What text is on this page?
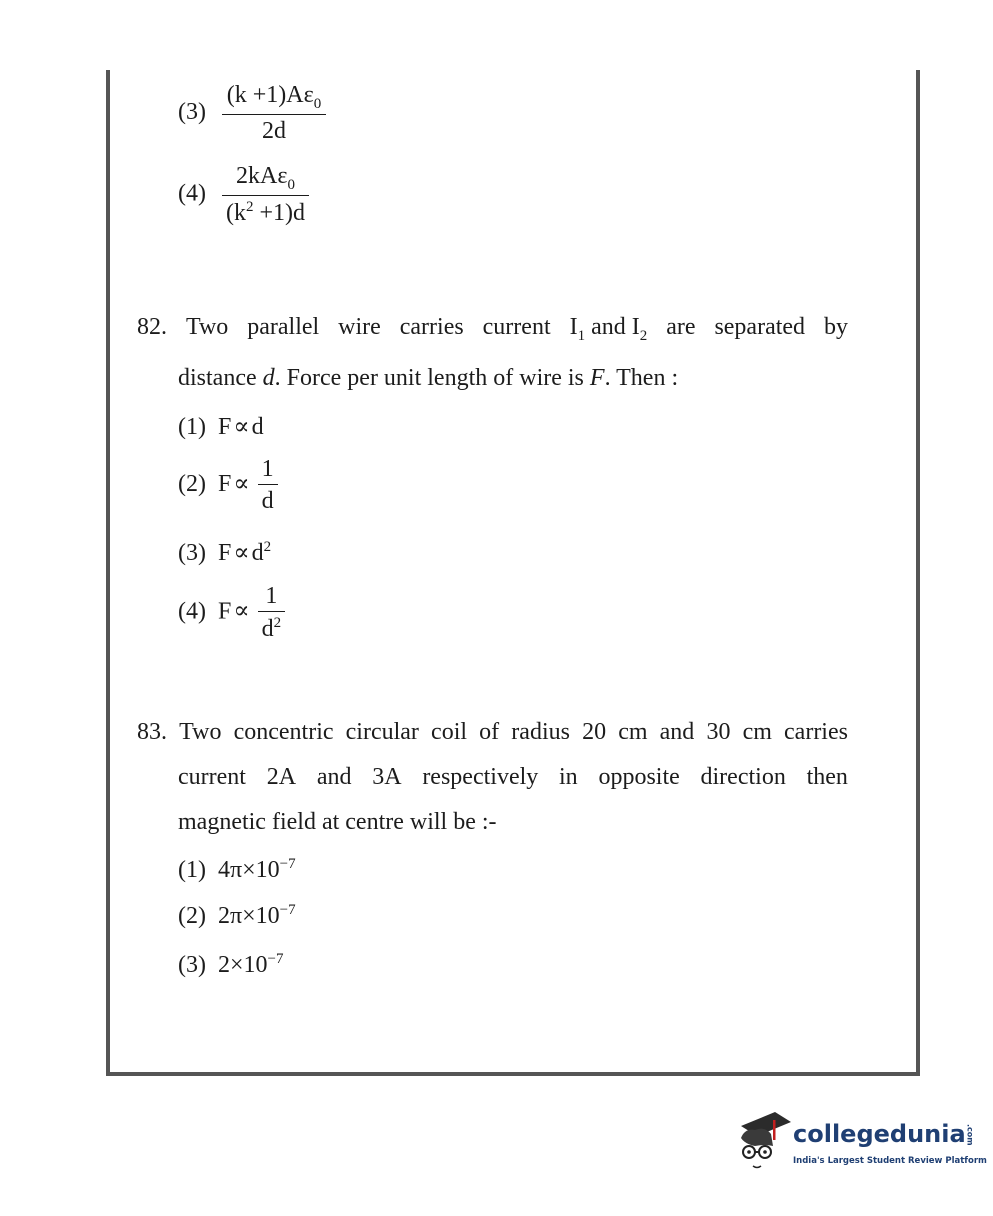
$(3) \frac{(k +1)A\varepsilon_0}{2d}$
$(4) \frac{2kA\varepsilon_0}{(k^2 +1)d}$
82. Two parallel wire carries current $I_1$ and $I_2$ are separated by
distance d. Force per unit length of wire is F. Then :
(1) F∝d
(2) $F\propto \frac{1}{d}$
(3) $F\propto d^2$
(4) $F\propto \frac{1}{d^2}$
83. Two concentric circular coil of radius 20 cm and 30 cm carries
current 2A and 3A respectively in opposite direction then
magnetic field at centre will be :-
(1) $4\pi\times 10^{-7}$
(2) $2\pi\times 10^{-7}$
(3) $2\times 10^{-7}$
collegedunia.com
India's Largest Student Review Platform
